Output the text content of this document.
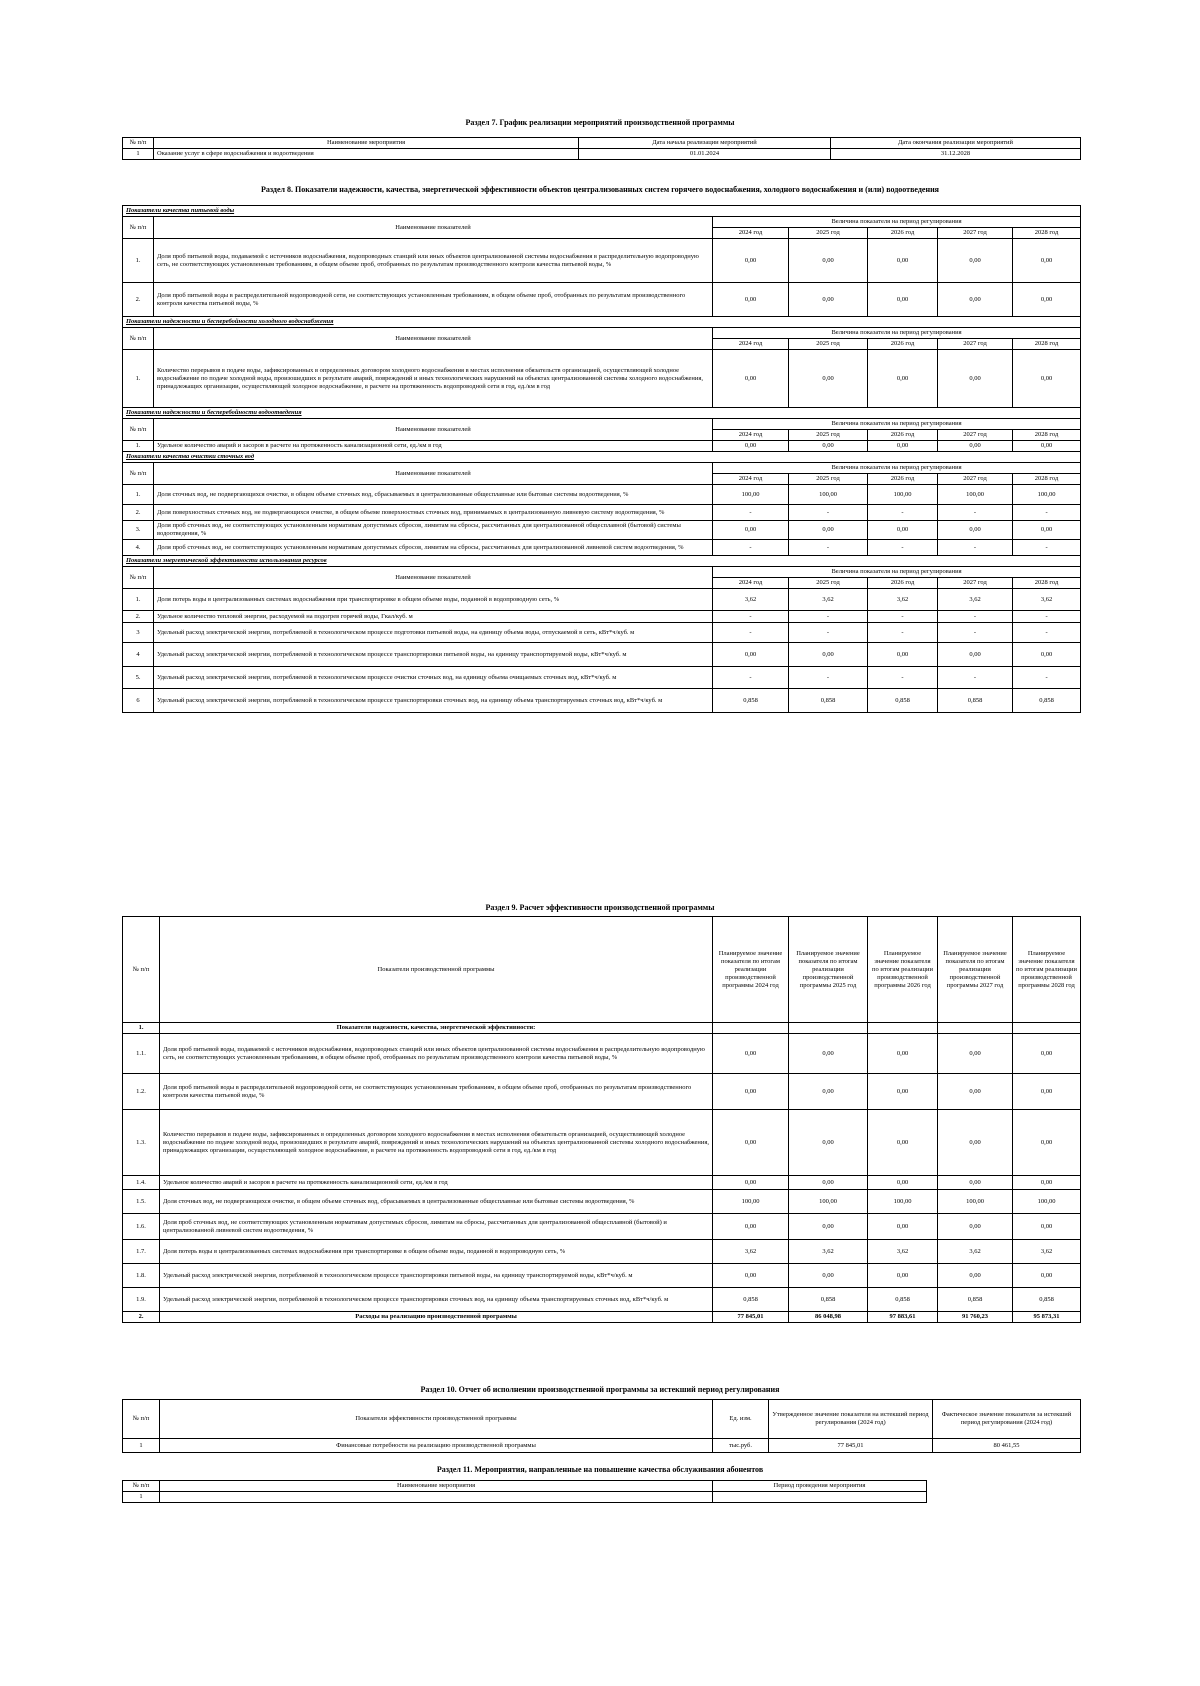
Раздел 7. График реализации мероприятий производственной программы
№ п/п	Наименование мероприятия	Дата начала реализации мероприятий	Дата окончания реализации мероприятий
1	Оказание услуг в сфере водоснабжения и водоотведения	01.01.2024	31.12.2028
Раздел 8. Показатели надежности, качества, энергетической эффективности объектов централизованных систем горячего водоснабжения, холодного водоснабжения и (или) водоотведения
Показатели качества питьевой воды						
№ п/п	Наименование показателей	Величина показателя на период регулирования				
		2024 год	2025 год	2026 год	2027 год	2028 год
1.	Доля проб питьевой воды, подаваемой с источников водоснабжения, водопроводных станций или иных объектов централизованной системы водоснабжения в распределительную водопроводную сеть, не соответствующих установленным требованиям, в общем объеме проб, отобранных по результатам производственного контроля качества питьевой воды, %	0,00	0,00	0,00	0,00	0,00
2.	Доля проб питьевой воды в распределительной водопроводной сети, не соответствующих установленным требованиям, в общем объеме проб, отобранных по результатам производственного контроля качества питьевой воды, %	0,00	0,00	0,00	0,00	0,00
Показатели надежности и бесперебойности холодного водоснабжения						
№ п/п	Наименование показателей	Величина показателя на период регулирования				
		2024 год	2025 год	2026 год	2027 год	2028 год
1.	Количество перерывов в подаче воды, зафиксированных в определенных договором холодного водоснабжения в местах исполнения обязательств организацией, осуществляющей холодное водоснабжение по подаче холодной воды, произошедших в результате аварий, повреждений и иных технологических нарушений на объектах централизованной системы холодного водоснабжения, принадлежащих организации, осуществляющей холодное водоснабжение, в расчете на протяженность водопроводной сети в год, ед./км в год	0,00	0,00	0,00	0,00	0,00
Показатели надежности и бесперебойности водоотведения						
№ п/п	Наименование показателей	Величина показателя на период регулирования				
		2024 год	2025 год	2026 год	2027 год	2028 год
1.	Удельное количество аварий и засоров в расчете на протяженность канализационной сети, ед./км в год	0,00	0,00	0,00	0,00	0,00
Показатели качества очистки сточных вод						
№ п/п	Наименование показателей	Величина показателя на период регулирования				
		2024 год	2025 год	2026 год	2027 год	2028 год
1.	Доля сточных вод, не подвергающихся очистке, в общем объеме сточных вод, сбрасываемых в централизованные общесплавные или бытовые системы водоотведения, %	100,00	100,00	100,00	100,00	100,00
2.	Доля поверхностных сточных вод, не подвергающихся очистке, в общем объеме поверхностных сточных вод, принимаемых в централизованную ливневую систему водоотведения, %	-	-	-	-	-
3.	Доля проб сточных вод, не соответствующих установленным нормативам допустимых сбросов, лимитам на сбросы, рассчитанных для централизованной общесплавной (бытовой) системы водоотведения, %	0,00	0,00	0,00	0,00	0,00
4.	Доля проб сточных вод, не соответствующих установленным нормативам допустимых сбросов, лимитам на сбросы, рассчитанных для централизованной ливневой систем водоотведения, %	-	-	-	-	-
Показатели энергетической эффективности использования ресурсов						
№ п/п	Наименование показателей	Величина показателя на период регулирования				
		2024 год	2025 год	2026 год	2027 год	2028 год
1.	Доля потерь воды в централизованных системах водоснабжения при транспортировке в общем объеме воды, поданной в водопроводную сеть, %	3,62	3,62	3,62	3,62	3,62
2.	Удельное количество тепловой энергии, расходуемой на подогрев горячей воды, Гкал/куб. м	-	-	-	-	-
3	Удельный расход электрической энергии, потребляемой в технологическом процессе подготовки питьевой воды, на единицу объема воды, отпускаемой в сеть, кВт*ч/куб. м	-	-	-	-	-
4	Удельный расход электрической энергии, потребляемой в технологическом процессе транспортировки питьевой воды, на единицу транспортируемой воды, кВт*ч/куб. м	0,00	0,00	0,00	0,00	0,00
5.	Удельный расход электрической энергии, потребляемой в технологическом процессе очистки сточных вод, на единицу объема очищаемых сточных вод, кВт*ч/куб. м	-	-	-	-	-
6	Удельный расход электрической энергии, потребляемой в технологическом процессе транспортировки сточных вод, на единицу объема транспортируемых сточных вод, кВт*ч/куб. м	0,858	0,858	0,858	0,858	0,858
Раздел 9. Расчет эффективности производственной программы
№ п/п	Показатели производственной программы	Планируемое значение показателя по итогам реализации производственной программы 2024 год	Планируемое значение показателя по итогам реализации производственной программы 2025 год	Планируемое значение показателя по итогам реализации производственной программы 2026 год	Планируемое значение показателя по итогам реализации производственной программы 2027 год	Планируемое значение показателя по итогам реализации производственной программы 2028 год
1.	Показатели надежности, качества, энергетической эффективности:					
1.1.	Доля проб питьевой воды, подаваемой с источников водоснабжения, водопроводных станций или иных объектов централизованной системы водоснабжения в распределительную водопроводную сеть, не соответствующих установленным требованиям, в общем объеме проб, отобранных по результатам производственного контроля качества питьевой воды, %	0,00	0,00	0,00	0,00	0,00
1.2.	Доля проб питьевой воды в распределительной водопроводной сети, не соответствующих установленным требованиям, в общем объеме проб, отобранных по результатам производственного контроля качества питьевой воды, %	0,00	0,00	0,00	0,00	0,00
1.3.	Количество перерывов в подаче воды, зафиксированных в определенных договором холодного водоснабжения в местах исполнения обязательств организацией, осуществляющей холодное водоснабжение по подаче холодной воды, произошедших в результате аварий, повреждений и иных технологических нарушений на объектах централизованной системы холодного водоснабжения, принадлежащих организации, осуществляющей холодное водоснабжение, в расчете на протяженность водопроводной сети в год, ед./км в год	0,00	0,00	0,00	0,00	0,00
1.4.	Удельное количество аварий и засоров в расчете на протяженность канализационной сети, ед./км в год	0,00	0,00	0,00	0,00	0,00
1.5.	Доля сточных вод, не подвергающихся очистке, в общем объеме сточных вод, сбрасываемых в централизованные общесплавные или бытовые системы водоотведения, %	100,00	100,00	100,00	100,00	100,00
1.6.	Доля проб сточных вод, не соответствующих установленным нормативам допустимых сбросов, лимитам на сбросы, рассчитанных для централизованной общесплавной (бытовой) и централизованной ливневой систем водоотведения, %	0,00	0,00	0,00	0,00	0,00
1.7.	Доля потерь воды в централизованных системах водоснабжения при транспортировке в общем объеме воды, поданной в водопроводную сеть, %	3,62	3,62	3,62	3,62	3,62
1.8.	Удельный расход электрической энергии, потребляемой в технологическом процессе транспортировки питьевой воды, на единицу транспортируемой воды, кВт*ч/куб. м	0,00	0,00	0,00	0,00	0,00
1.9.	Удельный расход электрической энергии, потребляемой в технологическом процессе транспортировки сточных вод, на единицу объема транспортируемых сточных вод, кВт*ч/куб. м	0,858	0,858	0,858	0,858	0,858
2.	Расходы на реализацию производственной программы	77 845,01	86 048,98	97 883,61	91 760,23	95 873,31
Раздел 10. Отчет об исполнении производственной программы за истекший период регулирования
№ п/п	Показатели эффективности производственной программы	Ед. изм.	Утвержденное значение показателя на истекший период регулирования (2024 год)	Фактическое значение показателя за истекший период регулирования (2024 год)
1	Финансовые потребности на реализацию производственной программы	тыс.руб.	77 845,01	80 461,55
Раздел 11. Мероприятия, направленные на повышение качества обслуживания абонентов
№ п/п	Наименование мероприятия	Период проведения мероприятия
1		
